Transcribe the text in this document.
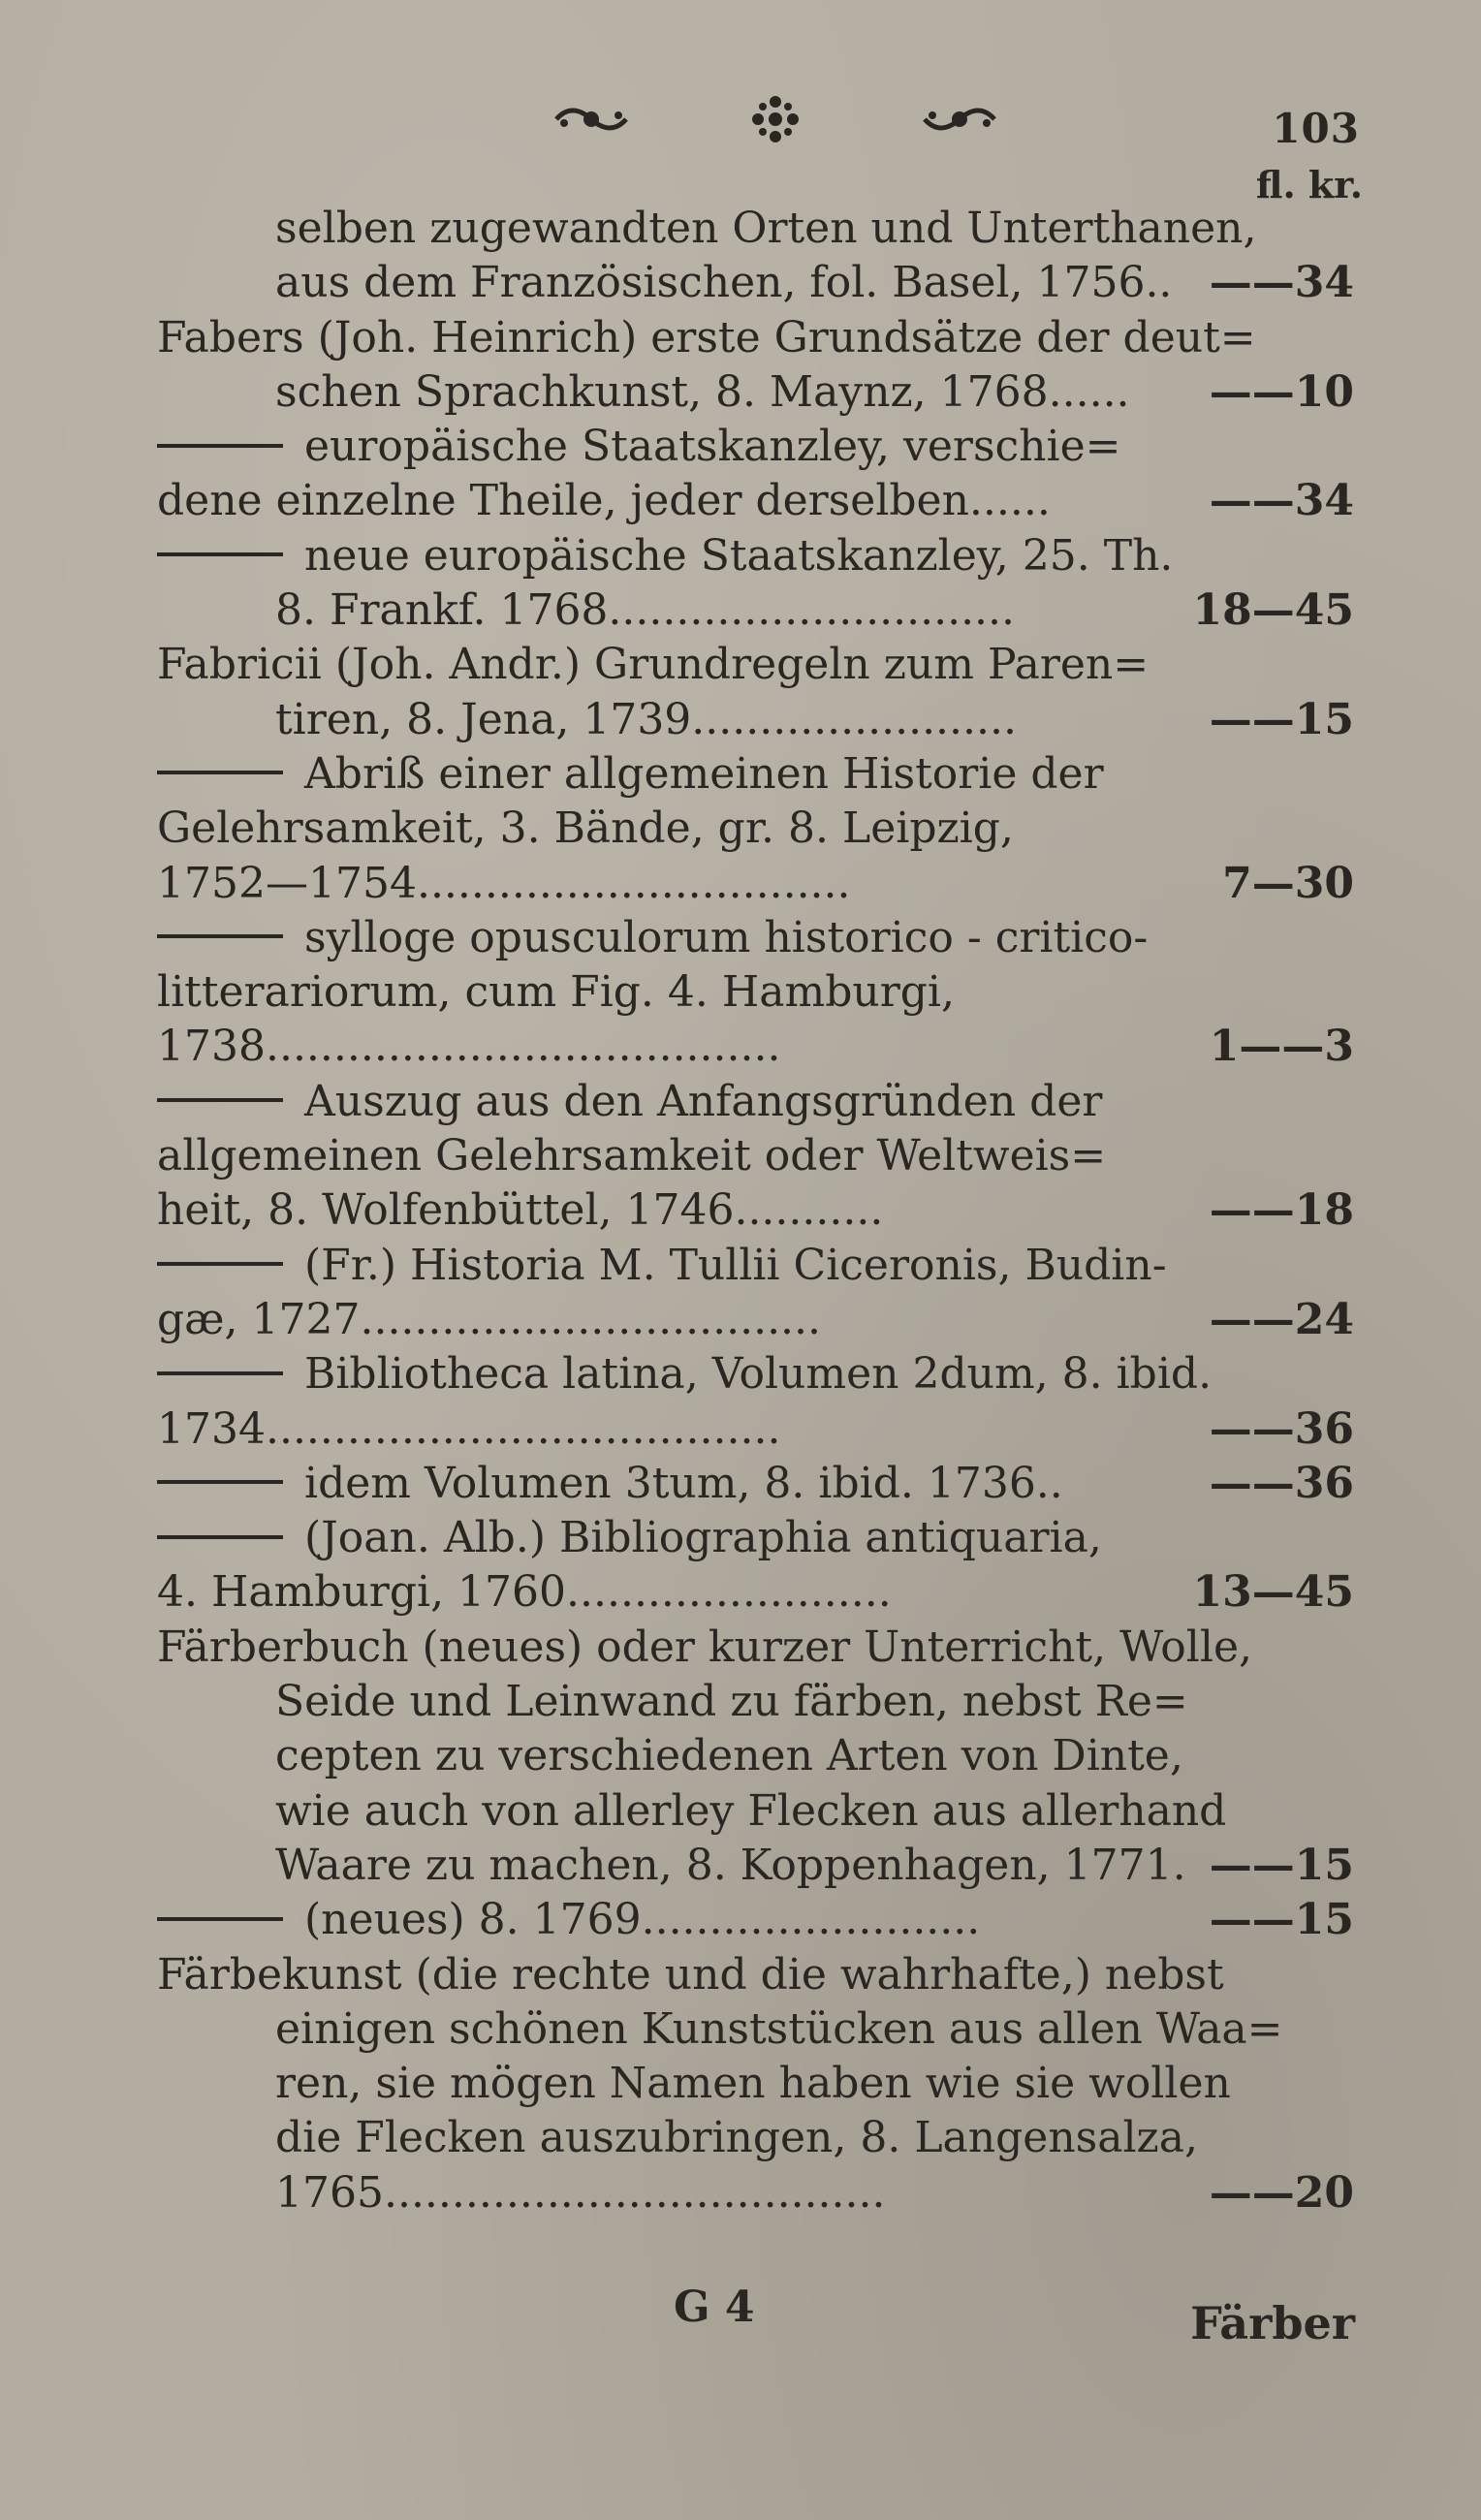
103
fl. kr.
selben zugewandten Orten und Unterthanen,
aus dem Französischen, fol. Basel, 1756.. ——34
Fabers (Joh. Heinrich) erste Grundsätze der deut=
schen Sprachkunst, 8. Maynz, 1768......	——10
europäische Staatskanzley, verschie=
dene einzelne Theile, jeder derselben......	——34
neue europäische Staatskanzley, 25. Th.
8. Frankf. 1768..............................	18—45
Fabricii (Joh. Andr.) Grundregeln zum Paren=
tiren, 8. Jena, 1739........................	——15
Abriß einer allgemeinen Historie der
Gelehrsamkeit, 3. Bände, gr. 8. Leipzig,
1752—1754................................	7—30
sylloge opusculorum historico - critico-
litterariorum, cum Fig. 4. Hamburgi,
1738......................................	1——3
Auszug aus den Anfangsgründen der
allgemeinen Gelehrsamkeit oder Weltweis=
heit, 8. Wolfenbüttel, 1746...........	——18
(Fr.) Historia M. Tullii Ciceronis, Budin-
gæ, 1727..................................	——24
Bibliotheca latina, Volumen 2dum, 8. ibid.
1734......................................	——36
idem Volumen 3tum, 8. ibid. 1736..	——36
(Joan. Alb.) Bibliographia antiquaria,
4. Hamburgi, 1760........................	13—45
Färberbuch (neues) oder kurzer Unterricht, Wolle,
Seide und Leinwand zu färben, nebst Re=
cepten zu verschiedenen Arten von Dinte,
wie auch von allerley Flecken aus allerhand
Waare zu machen, 8. Koppenhagen, 1771. ——15
(neues) 8. 1769.........................	——15
Färbekunst (die rechte und die wahrhafte,) nebst
einigen schönen Kunststücken aus allen Waa=
ren, sie mögen Namen haben wie sie wollen
die Flecken auszubringen, 8. Langensalza,
1765.....................................	——20
G 4	Färber
